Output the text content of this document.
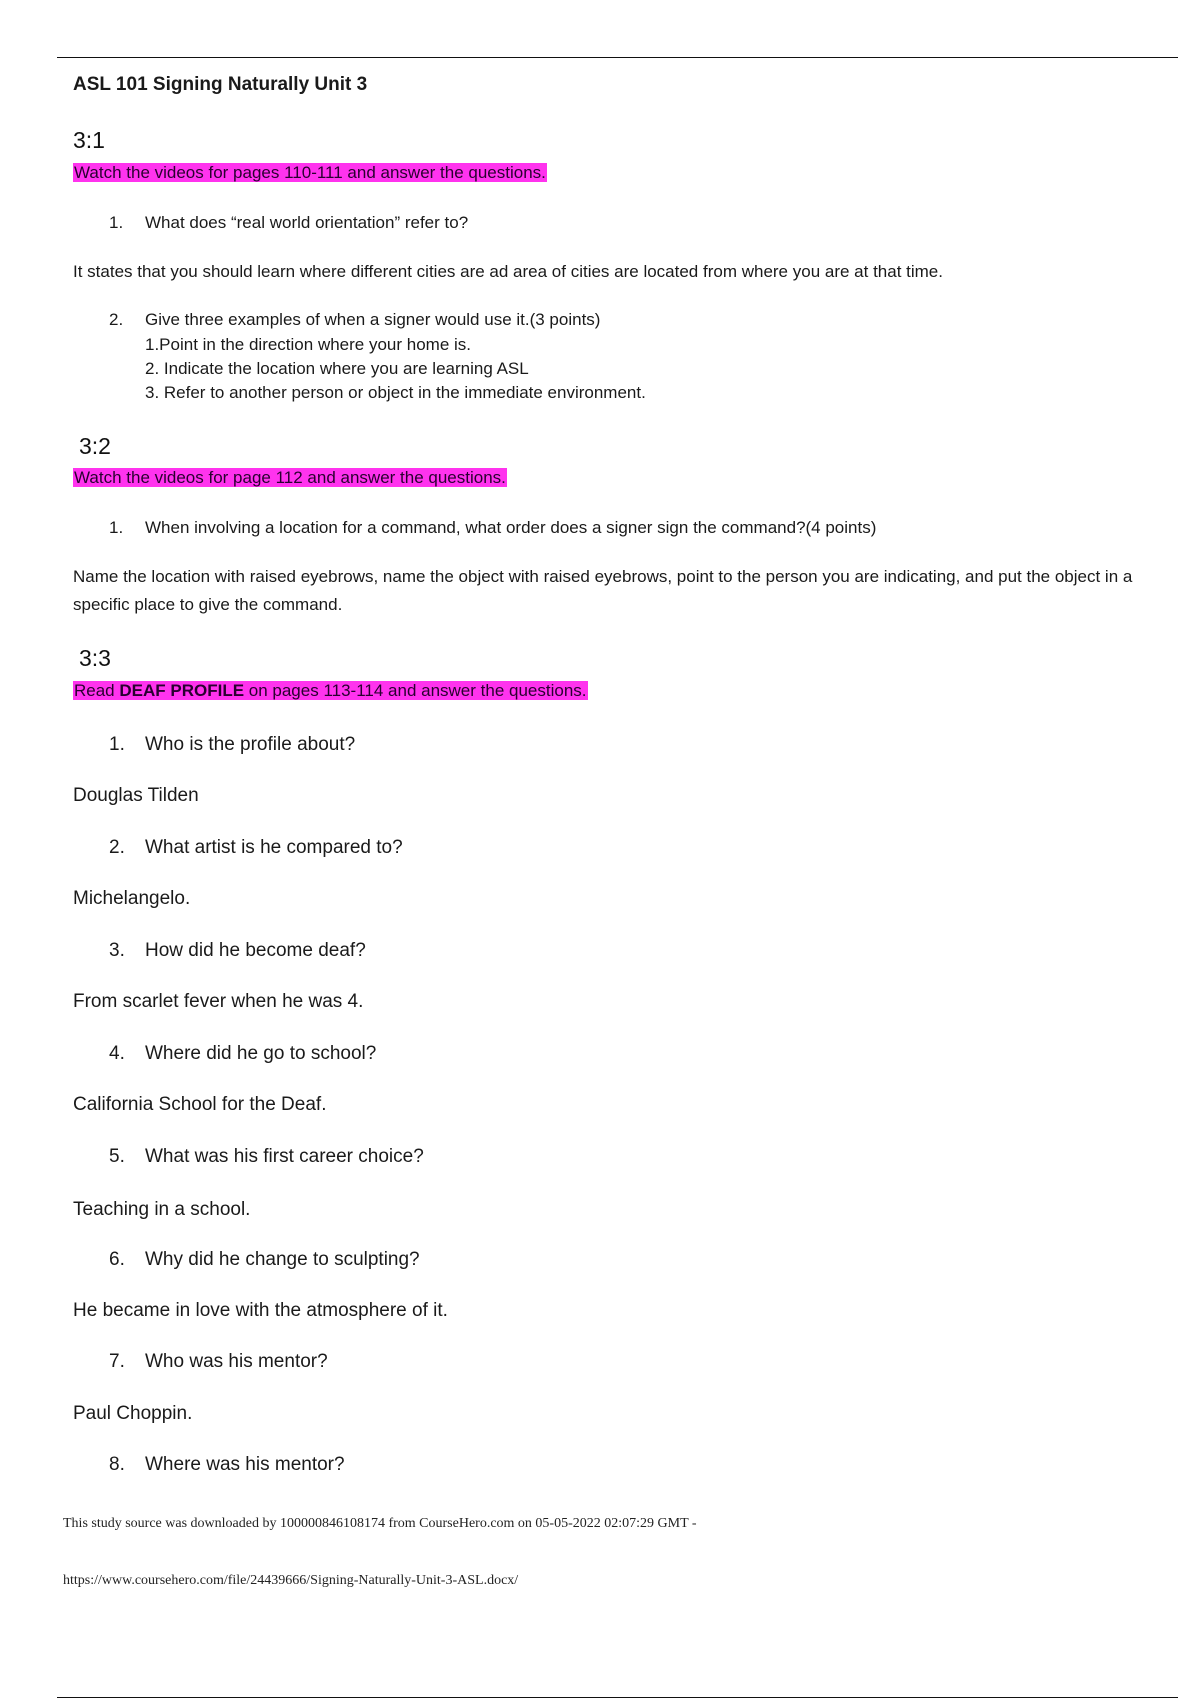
ASL 101 Signing Naturally Unit 3
3:1
Watch the videos for pages 110-111 and answer the questions.
1. What does “real world orientation” refer to?
It states that you should learn where different cities are ad area of cities are located from where you are at that time.
2. Give three examples of when a signer would use it.(3 points)
1.Point in the direction where your home is.
2. Indicate the location where you are learning ASL
3. Refer to another person or object in the immediate environment.
3:2
Watch the videos for page 112 and answer the questions.
1. When involving a location for a command, what order does a signer sign the command?(4 points)
Name the location with raised eyebrows, name the object with raised eyebrows, point to the person you are indicating, and put the object in a specific place to give the command.
3:3
Read DEAF PROFILE on pages 113-114 and answer the questions.
1. Who is the profile about?
Douglas Tilden
2. What artist is he compared to?
Michelangelo.
3. How did he become deaf?
From scarlet fever when he was 4.
4. Where did he go to school?
California School for the Deaf.
5. What was his first career choice?
Teaching in a school.
6. Why did he change to sculpting?
He became in love with the atmosphere of it.
7. Who was his mentor?
Paul Choppin.
8. Where was his mentor?
This study source was downloaded by 100000846108174 from CourseHero.com on 05-05-2022 02:07:29 GMT -
https://www.coursehero.com/file/24439666/Signing-Naturally-Unit-3-ASL.docx/
